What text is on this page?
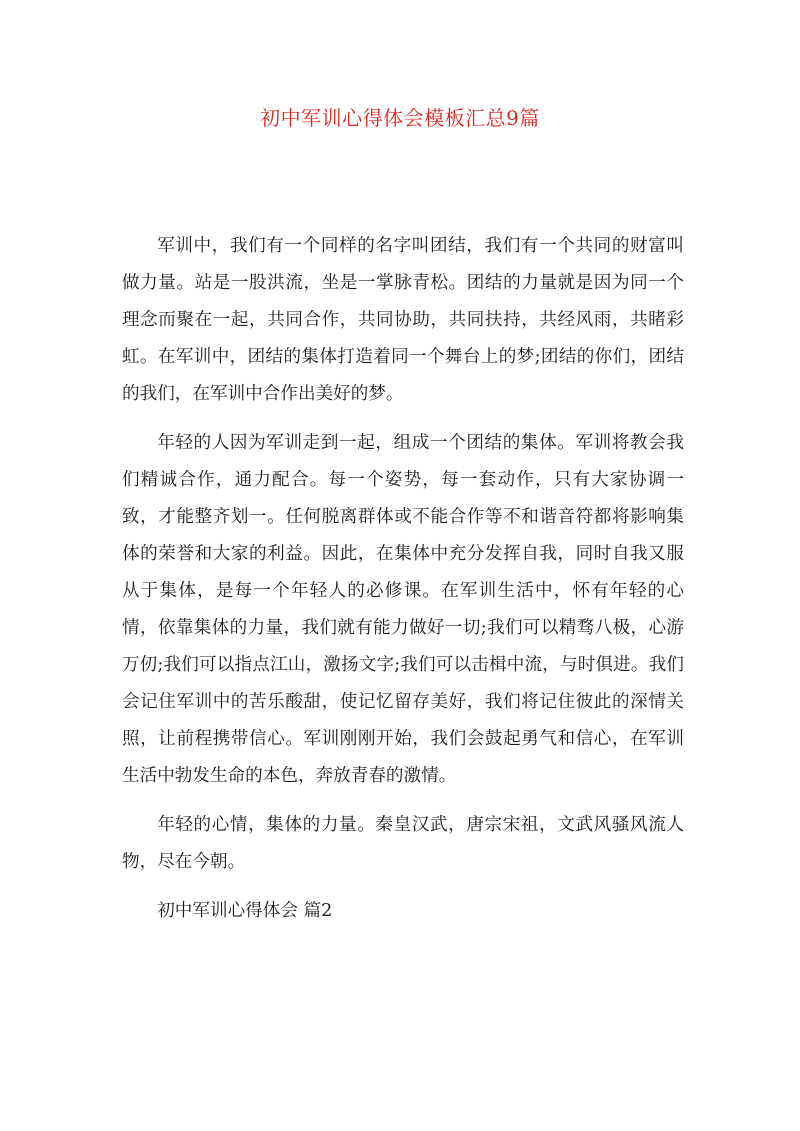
初中军训心得体会模板汇总9篇

军训中，我们有一个同样的名字叫团结，我们有一个共同的财富叫做力量。站是一股洪流，坐是一掌脉青松。团结的力量就是因为同一个理念而聚在一起，共同合作，共同协助，共同扶持，共经风雨，共睹彩虹。在军训中，团结的集体打造着同一个舞台上的梦;团结的你们，团结的我们，在军训中合作出美好的梦。

年轻的人因为军训走到一起，组成一个团结的集体。军训将教会我们精诚合作，通力配合。每一个姿势，每一套动作，只有大家协调一致，才能整齐划一。任何脱离群体或不能合作等不和谐音符都将影响集体的荣誉和大家的利益。因此，在集体中充分发挥自我，同时自我又服从于集体，是每一个年轻人的必修课。在军训生活中，怀有年轻的心情，依靠集体的力量，我们就有能力做好一切;我们可以精骛八极，心游万仞;我们可以指点江山，激扬文字;我们可以击楫中流，与时俱进。我们会记住军训中的苦乐酸甜，使记忆留存美好，我们将记住彼此的深情关照，让前程携带信心。军训刚刚开始，我们会鼓起勇气和信心，在军训生活中勃发生命的本色，奔放青春的激情。

年轻的心情，集体的力量。秦皇汉武，唐宗宋祖，文武风骚风流人物，尽在今朝。

初中军训心得体会 篇2
